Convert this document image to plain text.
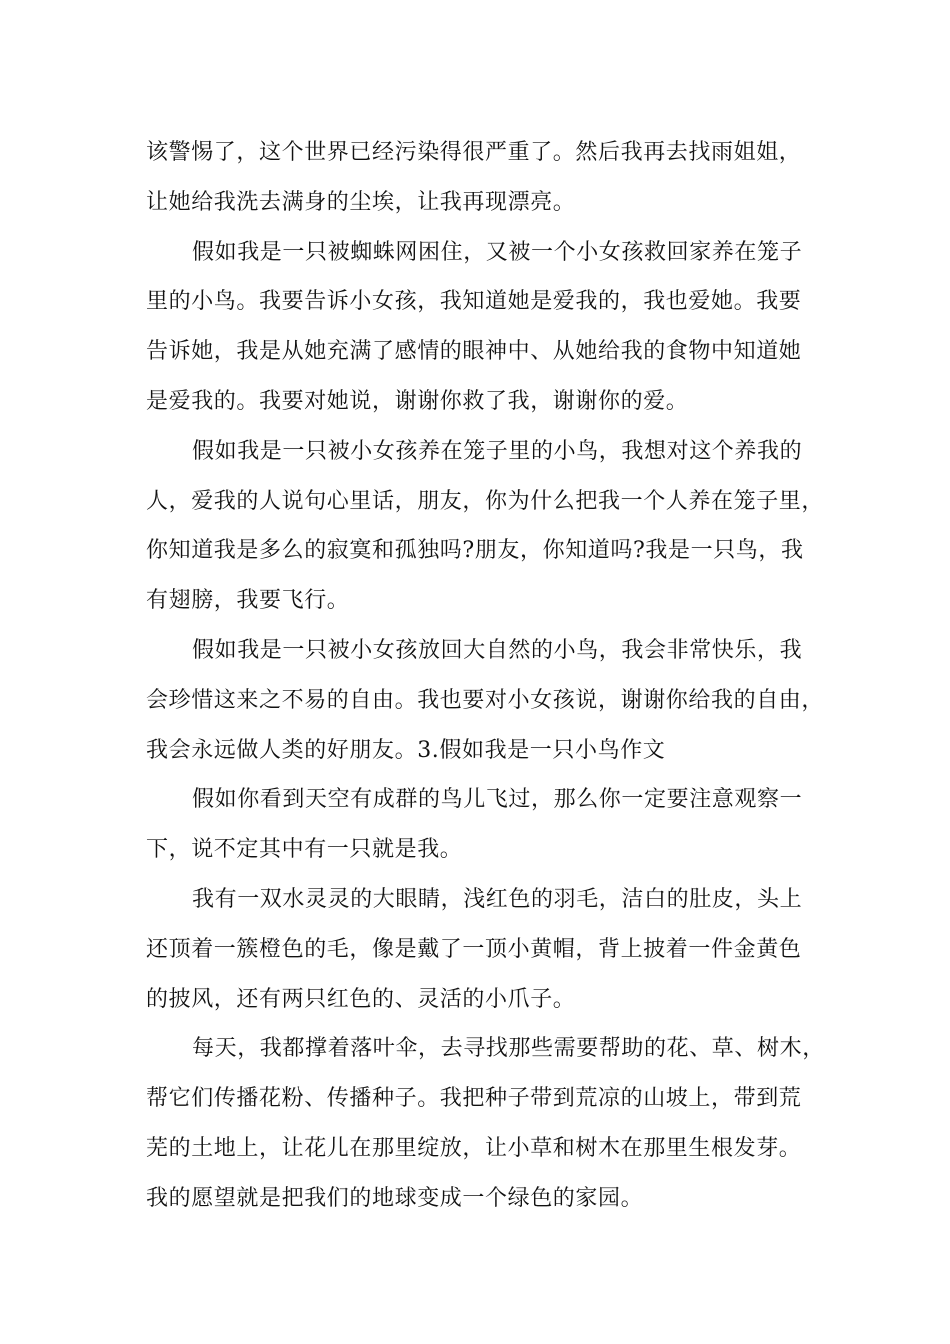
该警惕了，这个世界已经污染得很严重了。然后我再去找雨姐姐，
让她给我洗去满身的尘埃，让我再现漂亮。
假如我是一只被蜘蛛网困住，又被一个小女孩救回家养在笼子
里的小鸟。我要告诉小女孩，我知道她是爱我的，我也爱她。我要
告诉她，我是从她充满了感情的眼神中、从她给我的食物中知道她
是爱我的。我要对她说，谢谢你救了我，谢谢你的爱。
假如我是一只被小女孩养在笼子里的小鸟，我想对这个养我的
人，爱我的人说句心里话，朋友，你为什么把我一个人养在笼子里，
你知道我是多么的寂寞和孤独吗?朋友，你知道吗?我是一只鸟，我
有翅膀，我要飞行。
假如我是一只被小女孩放回大自然的小鸟，我会非常快乐，我
会珍惜这来之不易的自由。我也要对小女孩说，谢谢你给我的自由，
我会永远做人类的好朋友。3.假如我是一只小鸟作文
假如你看到天空有成群的鸟儿飞过，那么你一定要注意观察一
下，说不定其中有一只就是我。
我有一双水灵灵的大眼睛，浅红色的羽毛，洁白的肚皮，头上
还顶着一簇橙色的毛，像是戴了一顶小黄帽，背上披着一件金黄色
的披风，还有两只红色的、灵活的小爪子。
每天，我都撑着落叶伞，去寻找那些需要帮助的花、草、树木，
帮它们传播花粉、传播种子。我把种子带到荒凉的山坡上，带到荒
芜的土地上，让花儿在那里绽放，让小草和树木在那里生根发芽。
我的愿望就是把我们的地球变成一个绿色的家园。
